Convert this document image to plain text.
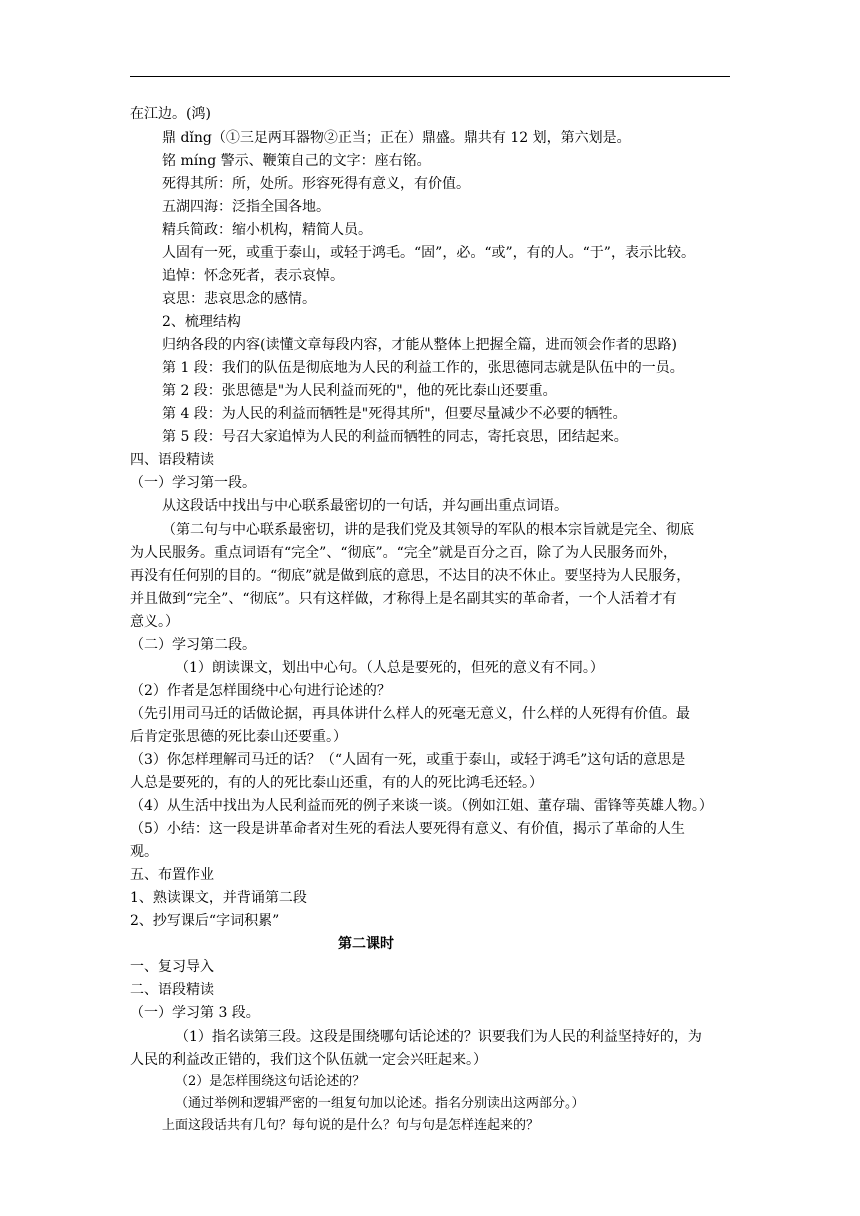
在江边。(鸿)
鼎 dǐng（①三足两耳器物②正当；正在）鼎盛。鼎共有 12 划，第六划是。
铭 míng 警示、鞭策自己的文字：座右铭。
死得其所：所，处所。形容死得有意义，有价值。
五湖四海：泛指全国各地。
精兵简政：缩小机构，精简人员。
人固有一死，或重于泰山，或轻于鸿毛。“固”，必。“或”，有的人。“于”，表示比较。
追悼：怀念死者，表示哀悼。
哀思：悲哀思念的感情。
2、梳理结构
归纳各段的内容(读懂文章每段内容，才能从整体上把握全篇，进而领会作者的思路)
第 1 段：我们的队伍是彻底地为人民的利益工作的，张思德同志就是队伍中的一员。
第 2 段：张思德是"为人民利益而死的"，他的死比泰山还要重。
第 4 段：为人民的利益而牺牲是"死得其所"，但要尽量减少不必要的牺牲。
第 5 段：号召大家追悼为人民的利益而牺牲的同志，寄托哀思，团结起来。
四、语段精读
（一）学习第一段。
从这段话中找出与中心联系最密切的一句话，并勾画出重点词语。
（第二句与中心联系最密切，讲的是我们党及其领导的军队的根本宗旨就是完全、彻底
为人民服务。重点词语有“完全”、“彻底”。“完全”就是百分之百，除了为人民服务而外，
再没有任何别的目的。“彻底”就是做到底的意思，不达目的决不休止。要坚持为人民服务，
并且做到“完全”、“彻底”。只有这样做，才称得上是名副其实的革命者，一个人活着才有
意义。）
（二）学习第二段。
（1）朗读课文，划出中心句。（人总是要死的，但死的意义有不同。）
（2）作者是怎样围绕中心句进行论述的？
（先引用司马迁的话做论据，再具体讲什么样人的死毫无意义，什么样的人死得有价值。最
后肯定张思德的死比泰山还要重。）
（3）你怎样理解司马迁的话？（“人固有一死，或重于泰山，或轻于鸿毛”这句话的意思是
人总是要死的，有的人的死比泰山还重，有的人的死比鸿毛还轻。）
（4）从生活中找出为人民利益而死的例子来谈一谈。（例如江姐、董存瑞、雷锋等英雄人物。）
（5）小结：这一段是讲革命者对生死的看法人要死得有意义、有价值，揭示了革命的人生
观。
五、布置作业
1、熟读课文，并背诵第二段
2、抄写课后“字词积累”
第二课时
一、复习导入
二、语段精读
（一）学习第 3 段。
（1）指名读第三段。这段是围绕哪句话论述的？识要我们为人民的利益坚持好的，为
人民的利益改正错的，我们这个队伍就一定会兴旺起来。）
（2）是怎样围绕这句话论述的？
（通过举例和逻辑严密的一组复句加以论述。指名分别读出这两部分。）
上面这段话共有几句？每句说的是什么？句与句是怎样连起来的？
